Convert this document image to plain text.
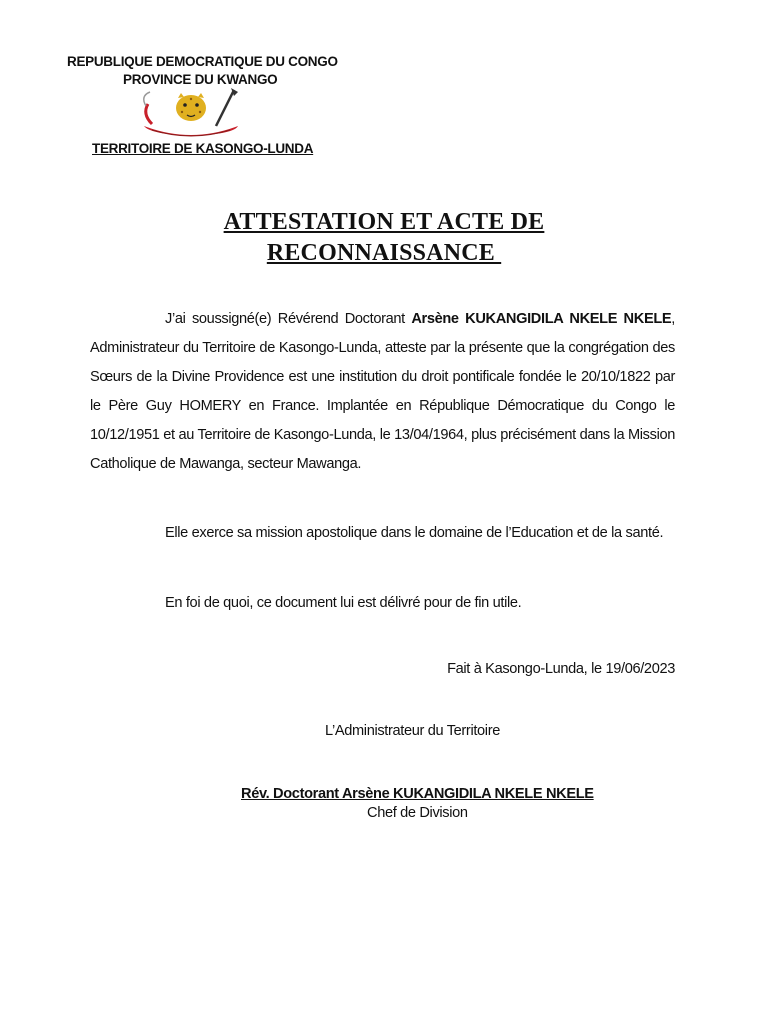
REPUBLIQUE DEMOCRATIQUE DU CONGO
PROVINCE DU KWANGO
TERRITOIRE DE KASONGO-LUNDA
ATTESTATION ET ACTE DE
RECONNAISSANCE
J’ai soussigné(e) Révérend Doctorant Arsène KUKANGIDILA NKELE NKELE, Administrateur du Territoire de Kasongo-Lunda, atteste par la présente que la congrégation des Sœurs de la Divine Providence est une institution du droit pontificale fondée le 20/10/1822 par le Père Guy HOMERY en France. Implantée en République Démocratique du Congo le 10/12/1951 et au Territoire de Kasongo-Lunda, le 13/04/1964, plus précisément dans la Mission Catholique de Mawanga, secteur Mawanga.
Elle exerce sa mission apostolique dans le domaine de l’Education et de la santé.
En foi de quoi, ce document lui est délivré pour de fin utile.
Fait à Kasongo-Lunda, le 19/06/2023
L’Administrateur du Territoire
Rév. Doctorant Arsène KUKANGIDILA NKELE NKELE
Chef de Division
